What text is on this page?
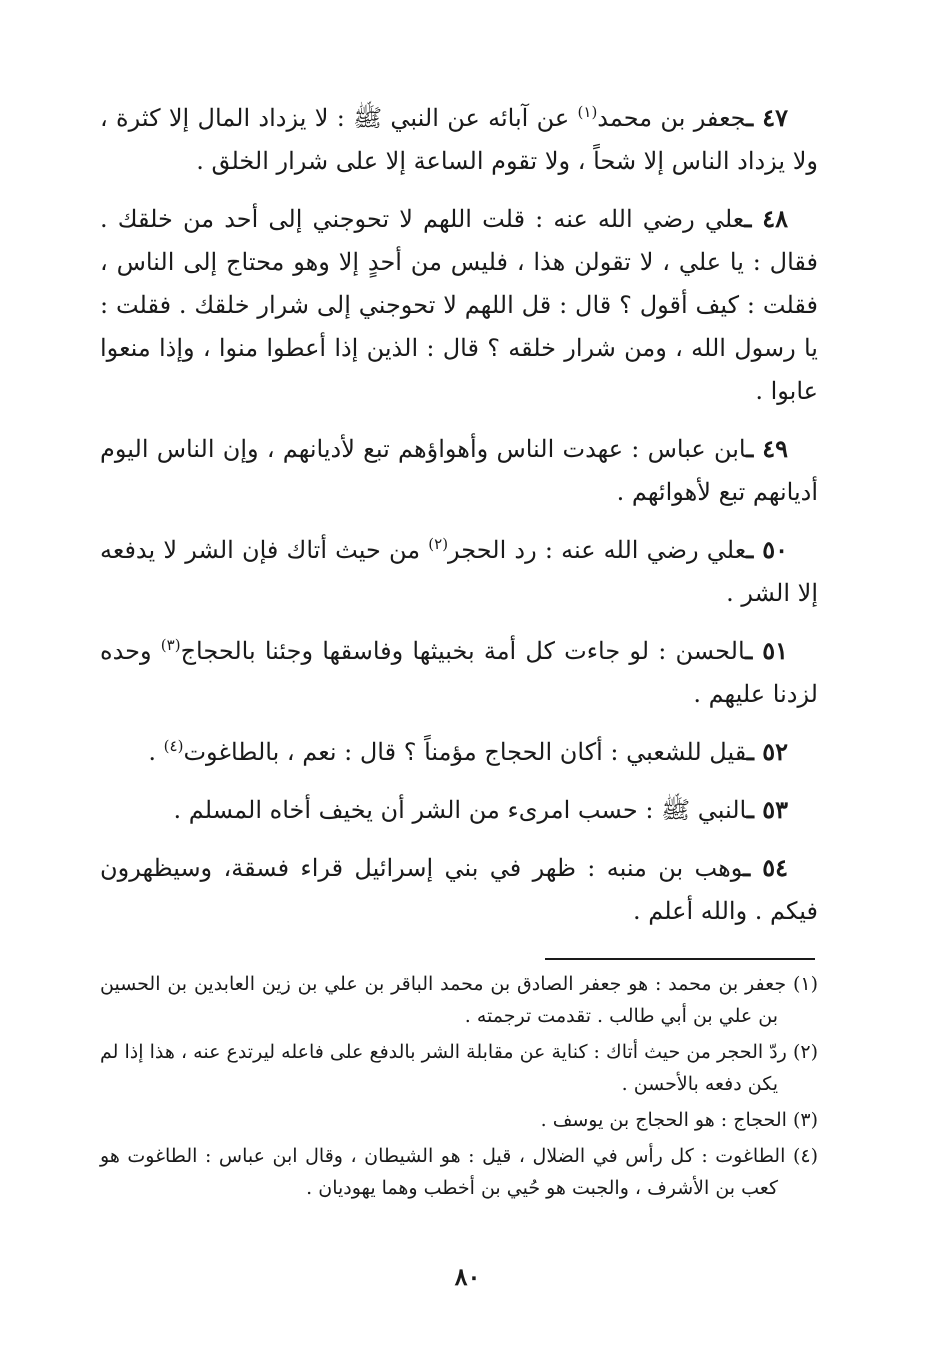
٤٧ ـجعفر بن محمد$^{(١)}$ عن آبائه عن النبي ﷺ : لا يزداد المال إلا كثرة ، ولا يزداد الناس إلا شحاً ، ولا تقوم الساعة إلا على شرار الخلق .

٤٨ ـعلي رضي الله عنه : قلت اللهم لا تحوجني إلى أحد من خلقك . فقال : يا علي ، لا تقولن هذا ، فليس من أحدٍ إلا وهو محتاج إلى الناس ، فقلت : كيف أقول ؟ قال : قل اللهم لا تحوجني إلى شرار خلقك . فقلت : يا رسول الله ، ومن شرار خلقه ؟ قال : الذين إذا أعطوا منوا ، وإذا منعوا عابوا .

٤٩ ـابن عباس : عهدت الناس وأهواؤهم تبع لأديانهم ، وإن الناس اليوم أديانهم تبع لأهوائهم .

٥٠ ـعلي رضي الله عنه : رد الحجر$^{(٢)}$ من حيث أتاك فإن الشر لا يدفعه إلا الشر .

٥١ ـالحسن : لو جاءت كل أمة بخبيثها وفاسقها وجئنا بالحجاج$^{(٣)}$ وحده لزدنا عليهم .

٥٢ ـقيل للشعبي : أكان الحجاج مؤمناً ؟ قال : نعم ، بالطاغوت$^{(٤)}$ .

٥٣ ـالنبي ﷺ : حسب امرىء من الشر أن يخيف أخاه المسلم .

٥٤ ـوهب بن منبه : ظهر في بني إسرائيل قراء فسقة، وسيظهرون فيكم . والله أعلم .

(١) جعفر بن محمد : هو جعفر الصادق بن محمد الباقر بن علي بن زين العابدين بن الحسين بن علي بن أبي طالب . تقدمت ترجمته .

(٢) ردّ الحجر من حيث أتاك : كناية عن مقابلة الشر بالدفع على فاعله ليرتدع عنه ، هذا إذا لم يكن دفعه بالأحسن .

(٣) الحجاج : هو الحجاج بن يوسف .

(٤) الطاغوت : كل رأس في الضلال ، قيل : هو الشيطان ، وقال ابن عباس : الطاغوت هو كعب بن الأشرف ، والجبت هو حُيي بن أخطب وهما يهوديان .

٨٠
